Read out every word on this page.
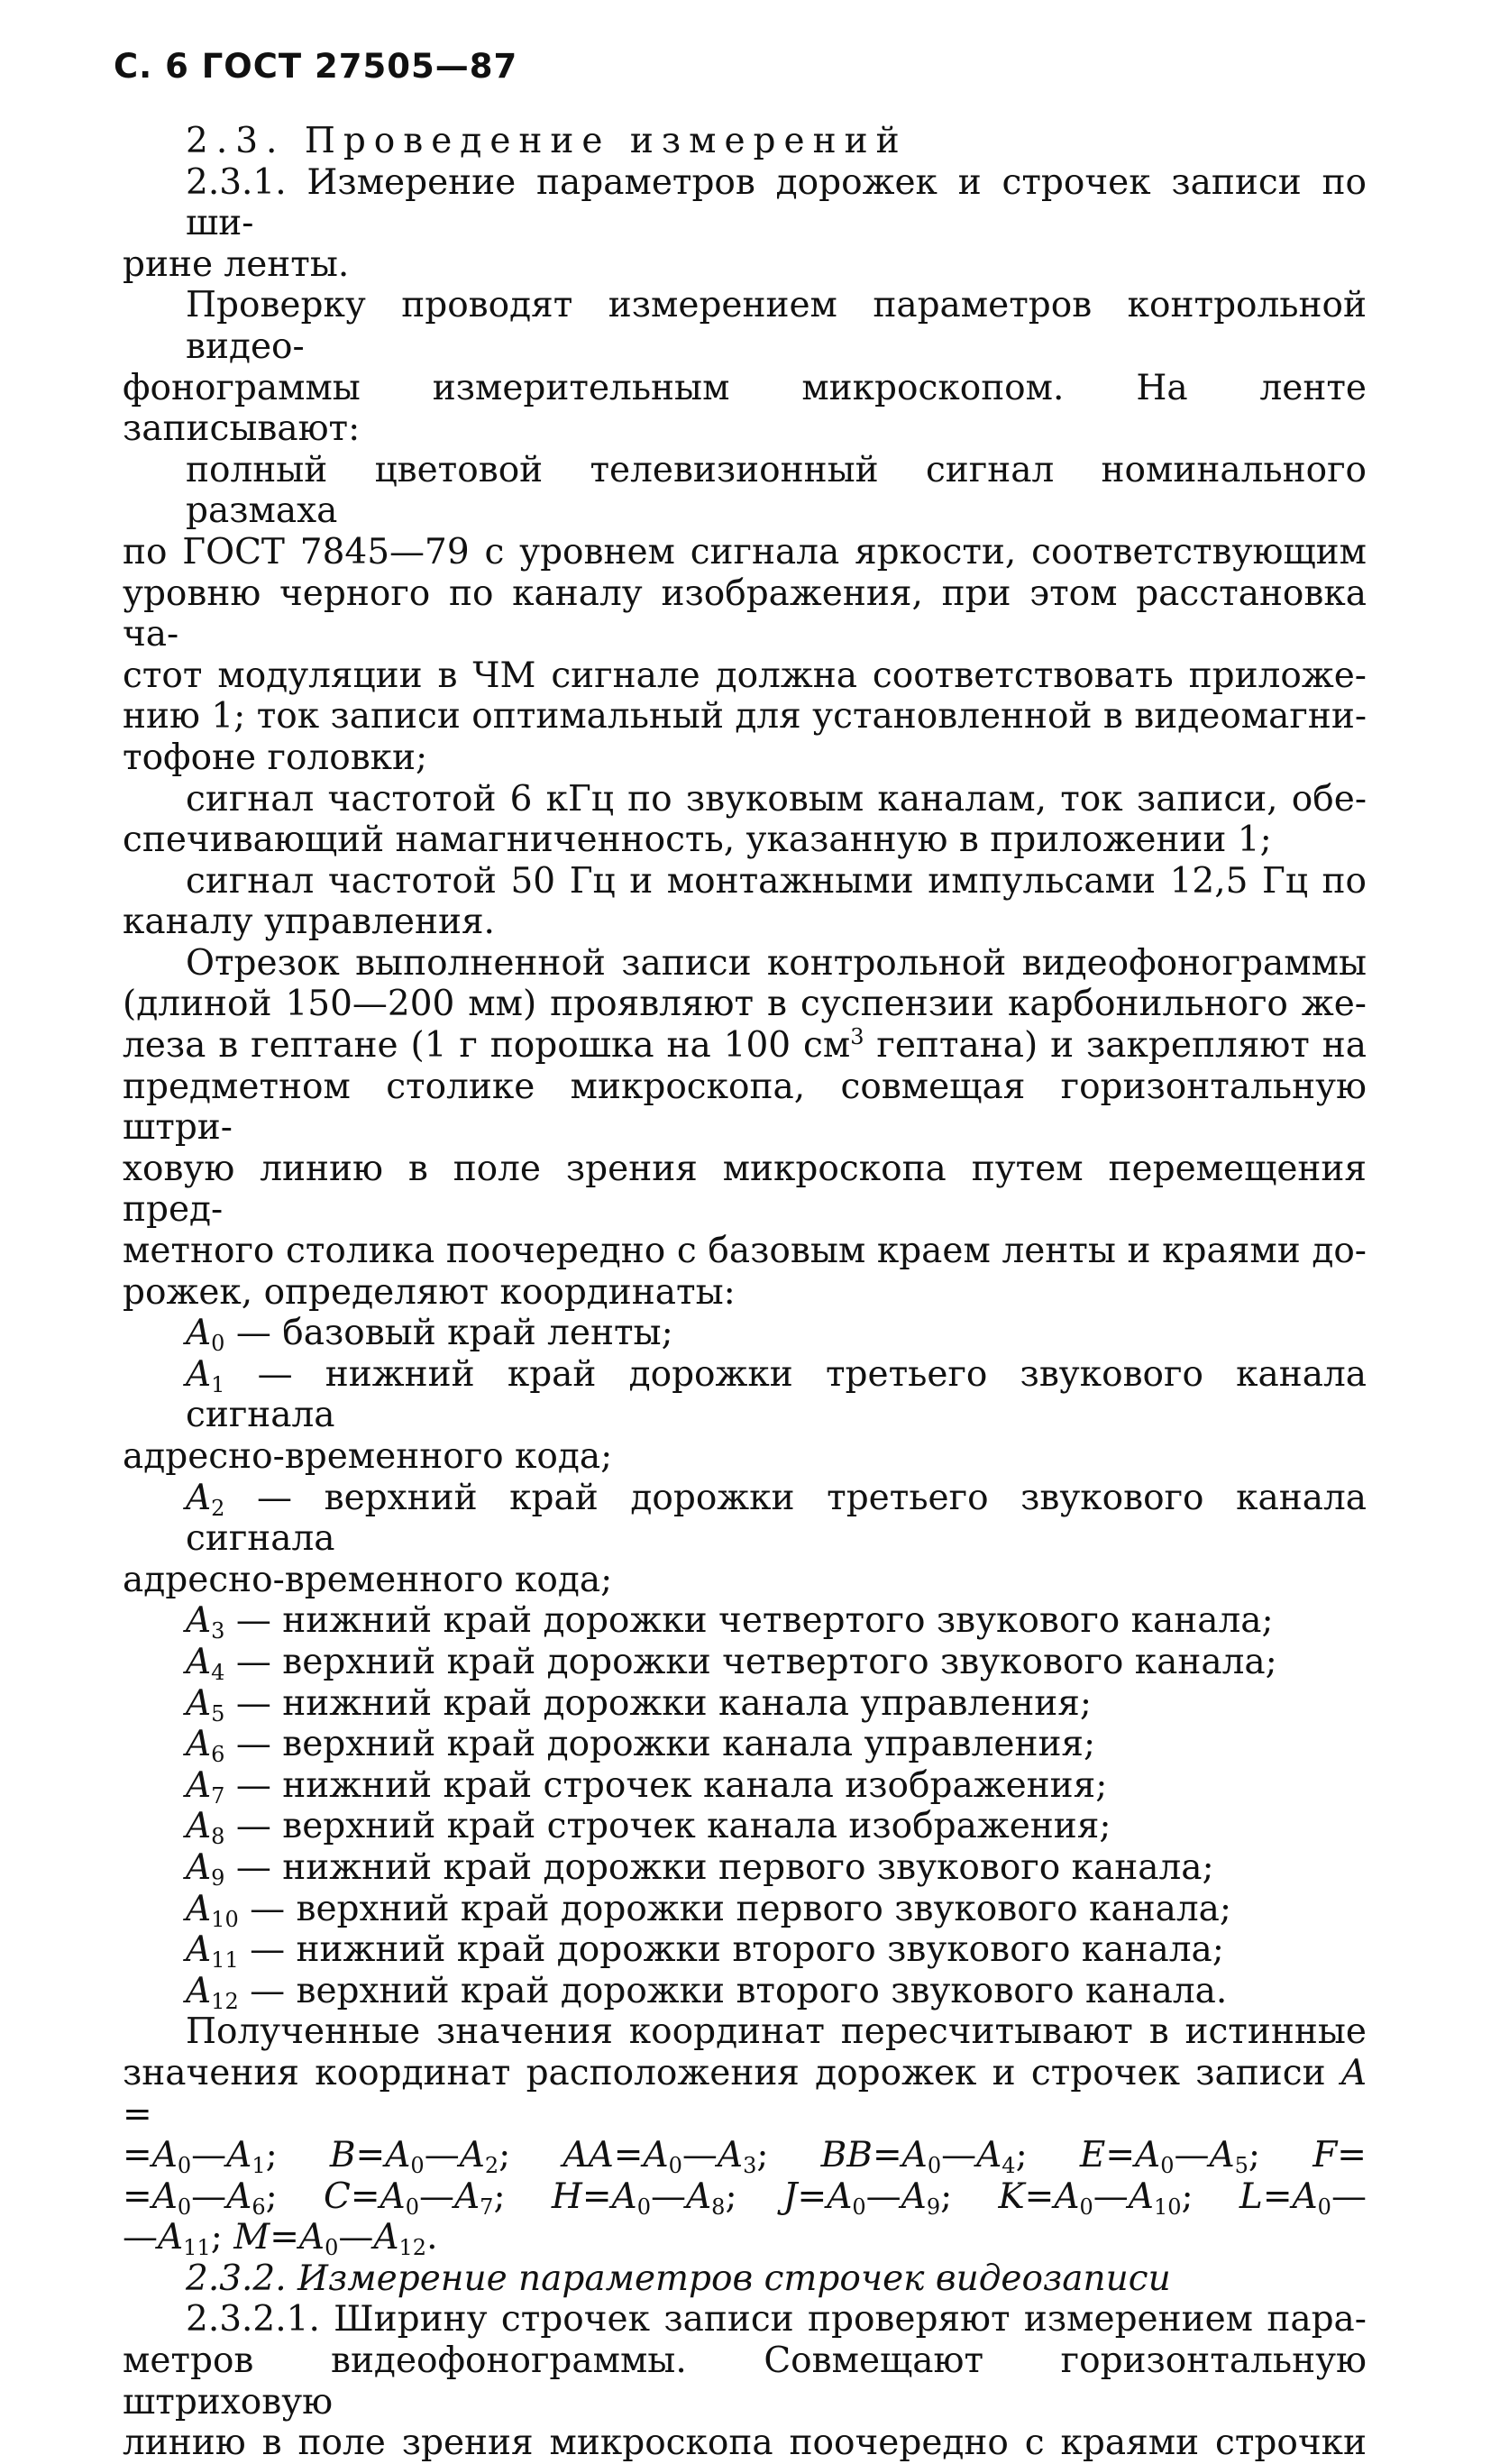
С. 6 ГОСТ 27505—87
2.3. Проведение измерений
2.3.1. Измерение параметров дорожек и строчек записи по ши-
рине ленты.
Проверку проводят измерением параметров контрольной видео-
фонограммы измерительным микроскопом. На ленте записывают:
полный цветовой телевизионный сигнал номинального размаха
по ГОСТ 7845—79 с уровнем сигнала яркости, соответствующим
уровню черного по каналу изображения, при этом расстановка ча-
стот модуляции в ЧМ сигнале должна соответствовать приложе-
нию 1; ток записи оптимальный для установленной в видеомагни-
тофоне головки;
сигнал частотой 6 кГц по звуковым каналам, ток записи, обе-
спечивающий намагниченность, указанную в приложении 1;
сигнал частотой 50 Гц и монтажными импульсами 12,5 Гц по
каналу управления.
Отрезок выполненной записи контрольной видеофонограммы
(длиной 150—200 мм) проявляют в суспензии карбонильного же-
леза в гептане (1 г порошка на 100 $см^3$ гептана) и закрепляют на
предметном столике микроскопа, совмещая горизонтальную штри-
ховую линию в поле зрения микроскопа путем перемещения пред-
метного столика поочередно с базовым краем ленты и краями до-
рожек, определяют координаты:
$A_0$ — базовый край ленты;
$A_1$ — нижний край дорожки третьего звукового канала сигнала
адресно-временного кода;
$A_2$ — верхний край дорожки третьего звукового канала сигнала
адресно-временного кода;
$A_3$ — нижний край дорожки четвертого звукового канала;
$A_4$ — верхний край дорожки четвертого звукового канала;
$A_5$ — нижний край дорожки канала управления;
$A_6$ — верхний край дорожки канала управления;
$A_7$ — нижний край строчек канала изображения;
$A_8$ — верхний край строчек канала изображения;
$A_9$ — нижний край дорожки первого звукового канала;
$A_{10}$ — верхний край дорожки первого звукового канала;
$A_{11}$ — нижний край дорожки второго звукового канала;
$A_{12}$ — верхний край дорожки второго звукового канала.
Полученные значения координат пересчитывают в истинные
значения координат расположения дорожек и строчек записи A =
$=A_0—A_1$; $B=A_0—A_2$; $AA=A_0—A_3$; $BB=A_0—A_4$; $E=A_0—A_5$; F=
$=A_0—A_6$; $C=A_0—A_7$; $H=A_0—A_8$; $J=A_0—A_9$; $K=A_0—A_{10}$; $L=A_0—$
$—A_{11}$; $M=A_0—A_{12}$.
2.3.2. Измерение параметров строчек видеозаписи
2.3.2.1. Ширину строчек записи проверяют измерением пара-
метров видеофонограммы. Совмещают горизонтальную штриховую
линию в поле зрения микроскопа поочередно с краями строчки
